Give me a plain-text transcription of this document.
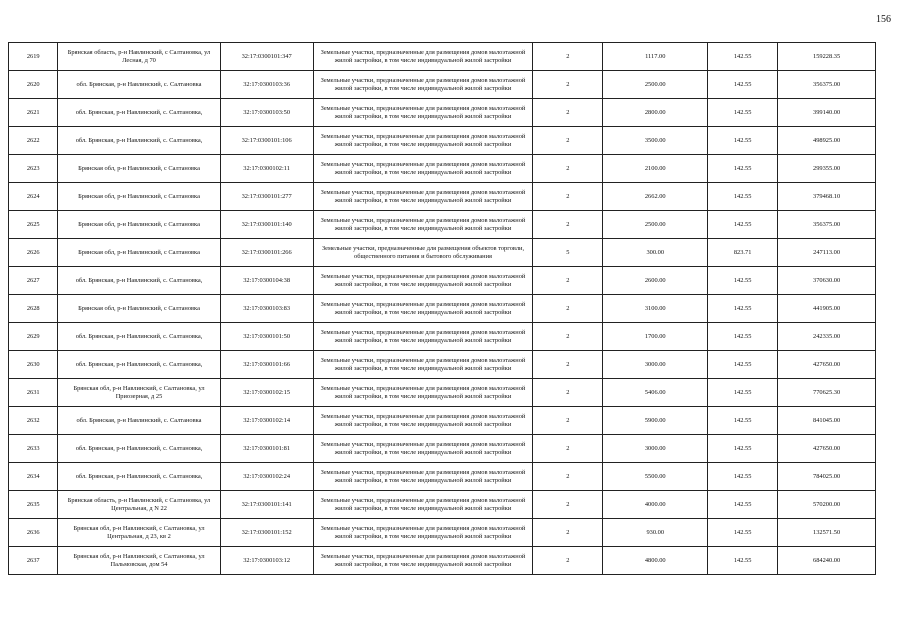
156
2619	Брянская область, р-н Навлинский, с Салтановка, ул Лесная, д 70	32:17:0300101:347	Земельные участки, предназначенные для размещения домов малоэтажной жилой застройки, в том числе индивидуальной жилой застройки	2	1117.00	142.55	159228.35
2620	обл. Брянская, р-н Навлинский, с. Салтановка	32:17:0300103:36	Земельные участки, предназначенные для размещения домов малоэтажной жилой застройки, в том числе индивидуальной жилой застройки	2	2500.00	142.55	356375.00
2621	обл. Брянская, р-н Навлинский, с. Салтановка,	32:17:0300103:50	Земельные участки, предназначенные для размещения домов малоэтажной жилой застройки, в том числе индивидуальной жилой застройки	2	2800.00	142.55	399140.00
2622	обл. Брянская, р-н Навлинский, с. Салтановка,	32:17:0300101:106	Земельные участки, предназначенные для размещения домов малоэтажной жилой застройки, в том числе индивидуальной жилой застройки	2	3500.00	142.55	498925.00
2623	Брянская обл, р-н Навлинский, с Салтановка	32:17:0300102:11	Земельные участки, предназначенные для размещения домов малоэтажной жилой застройки, в том числе индивидуальной жилой застройки	2	2100.00	142.55	299355.00
2624	Брянская обл, р-н Навлинский, с Салтановка	32:17:0300101:277	Земельные участки, предназначенные для размещения домов малоэтажной жилой застройки, в том числе индивидуальной жилой застройки	2	2662.00	142.55	379468.10
2625	Брянская обл, р-н Навлинский, с Салтановка	32:17:0300101:140	Земельные участки, предназначенные для размещения домов малоэтажной жилой застройки, в том числе индивидуальной жилой застройки	2	2500.00	142.55	356375.00
2626	Брянская обл, р-н Навлинский, с Салтановка	32:17:0300101:266	Земельные участки, предназначенные для размещения объектов торговли, общественного питания и бытового обслуживания	5	300.00	823.71	247113.00
2627	обл. Брянская, р-н Навлинский, с. Салтановка,	32:17:0300104:38	Земельные участки, предназначенные для размещения домов малоэтажной жилой застройки, в том числе индивидуальной жилой застройки	2	2600.00	142.55	370630.00
2628	Брянская обл, р-н Навлинский, с Салтановка	32:17:0300103:83	Земельные участки, предназначенные для размещения домов малоэтажной жилой застройки, в том числе индивидуальной жилой застройки	2	3100.00	142.55	441905.00
2629	обл. Брянская, р-н Навлинский, с. Салтановка,	32:17:0300101:50	Земельные участки, предназначенные для размещения домов малоэтажной жилой застройки, в том числе индивидуальной жилой застройки	2	1700.00	142.55	242335.00
2630	обл. Брянская, р-н Навлинский, с. Салтановка,	32:17:0300101:66	Земельные участки, предназначенные для размещения домов малоэтажной жилой застройки, в том числе индивидуальной жилой застройки	2	3000.00	142.55	427650.00
2631	Брянская обл, р-н Навлинский, с Салтановка, ул Приозерная, д 25	32:17:0300102:15	Земельные участки, предназначенные для размещения домов малоэтажной жилой застройки, в том числе индивидуальной жилой застройки	2	5406.00	142.55	770625.30
2632	обл. Брянская, р-н Навлинский, с. Салтановка	32:17:0300102:14	Земельные участки, предназначенные для размещения домов малоэтажной жилой застройки, в том числе индивидуальной жилой застройки	2	5900.00	142.55	841045.00
2633	обл. Брянская, р-н Навлинский, с. Салтановка,	32:17:0300101:81	Земельные участки, предназначенные для размещения домов малоэтажной жилой застройки, в том числе индивидуальной жилой застройки	2	3000.00	142.55	427650.00
2634	обл. Брянская, р-н Навлинский, с. Салтановка,	32:17:0300102:24	Земельные участки, предназначенные для размещения домов малоэтажной жилой застройки, в том числе индивидуальной жилой застройки	2	5500.00	142.55	784025.00
2635	Брянская область, р-н Навлинский, с Салтановка, ул Центральная, д N 22	32:17:0300101:141	Земельные участки, предназначенные для размещения домов малоэтажной жилой застройки, в том числе индивидуальной жилой застройки	2	4000.00	142.55	570200.00
2636	Брянская обл, р-н Навлинский, с Салтановка, ул Центральная, д 23, кв 2	32:17:0300101:152	Земельные участки, предназначенные для размещения домов малоэтажной жилой застройки, в том числе индивидуальной жилой застройки	2	930.00	142.55	132571.50
2637	Брянская обл, р-н Навлинский, с Салтановка, ул Пальмовская, дом 54	32:17:0300103:12	Земельные участки, предназначенные для размещения домов малоэтажной жилой застройки, в том числе индивидуальной жилой застройки	2	4800.00	142.55	684240.00
